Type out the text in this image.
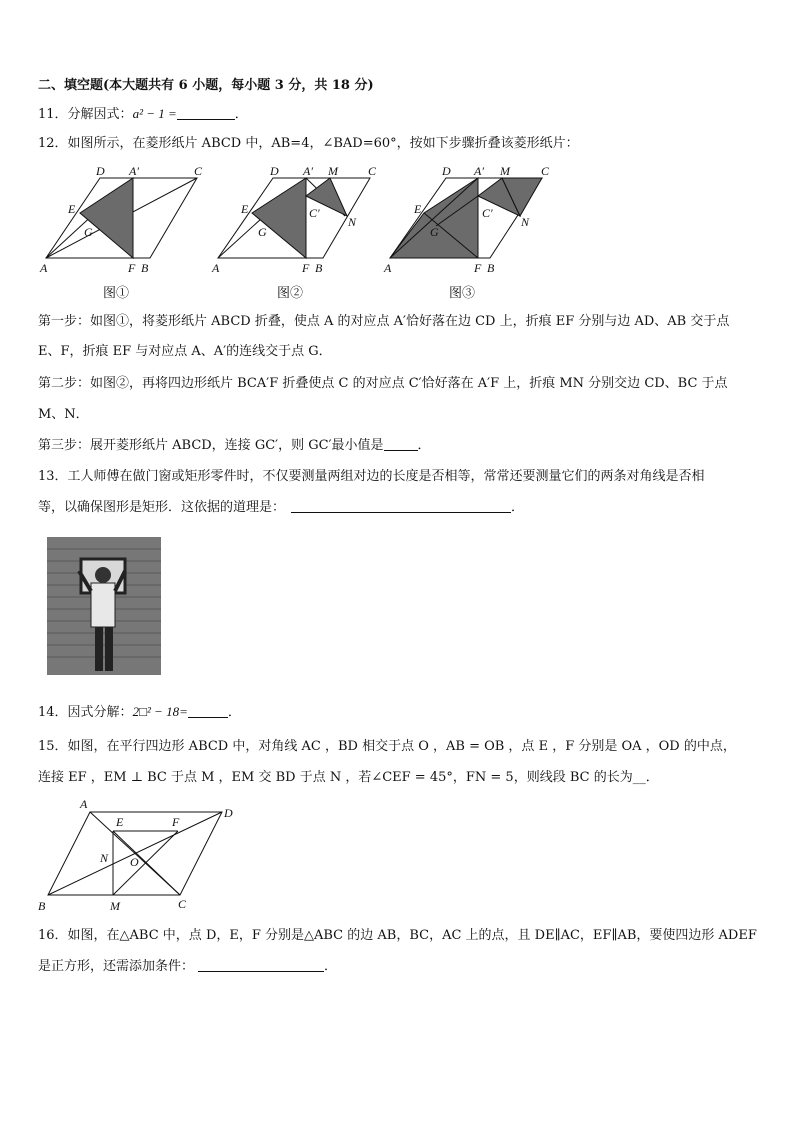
二、填空题(本大题共有 6 小题，每小题 3 分，共 18 分)
11．分解因式：a² − 1 =	．
12．如图所示，在菱形纸片 ABCD 中，AB=4，∠BAD=60°，按如下步骤折叠该菱形纸片：
D A′	C
E
G
A	F B
D A′ M	C
E	C′
N
G
A	F B
D A′ M	C
E	C′
N
G
A	F B
图①	图②	图③
第一步：如图①，将菱形纸片 ABCD 折叠，使点 A 的对应点 A′恰好落在边 CD 上，折痕 EF 分别与边 AD、AB 交于点
E、F，折痕 EF 与对应点 A、A′的连线交于点 G．
第二步：如图②，再将四边形纸片 BCA′F 折叠使点 C 的对应点 C′恰好落在 A′F 上，折痕 MN 分别交边 CD、BC 于点
M、N．
第三步：展开菱形纸片 ABCD，连接 GC′，则 GC′最小值是	．
13．工人师傅在做门窗或矩形零件时，不仅要测量两组对边的长度是否相等，常常还要测量它们的两条对角线是否相
等，以确保图形是矩形．这依据的道理是：	．
14．因式分解：2□² − 18=	．
15．如图，在平行四边形 ABCD 中，对角线 AC ，BD 相交于点 O ，AB = OB ，点 E ，F 分别是 OA ，OD 的中点，
连接 EF ，EM ⊥ BC 于点 M ，EM 交 BD 于点 N ，若∠CEF = 45°，FN = 5，则线段 BC 的长为__．
A
D
E	F
N O
B	M	C
16．如图，在△ABC 中，点 D，E，F 分别是△ABC 的边 AB，BC，AC 上的点，且 DE∥AC，EF∥AB，要使四边形 ADEF
是正方形，还需添加条件：	．
